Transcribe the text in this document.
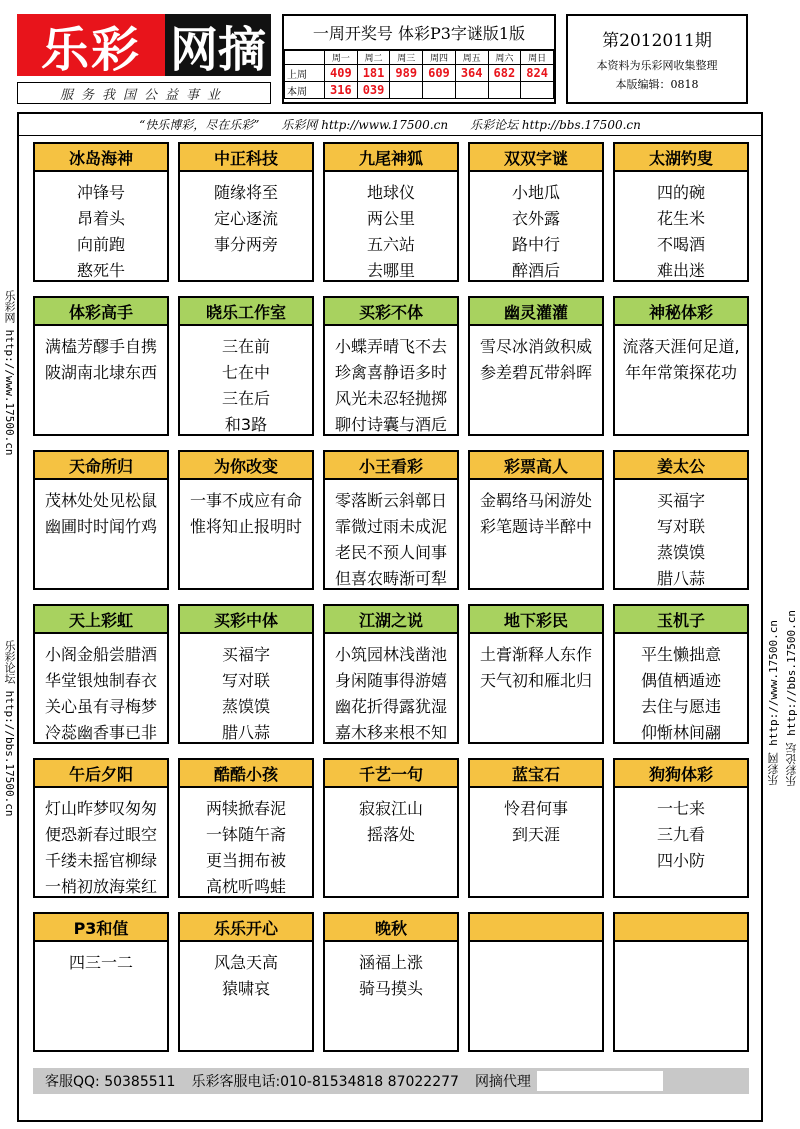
乐彩 网摘
服务我国公益事业
一周开奖号 体彩P3字谜版1版
	周一	周二	周三	周四	周五	周六	周日
上周	409	181	989	609	364	682	824
本周	316	039					
第2012011期
本资料为乐彩网收集整理
本版编辑：0818
“快乐博彩，尽在乐彩” 乐彩网 http://www.17500.cn 乐彩论坛 http://bbs.17500.cn
冰岛海神
冲锋号
昂着头
向前跑
憨死牛
中正科技
随缘将至
定心逐流
事分两旁
九尾神狐
地球仪
两公里
五六站
去哪里
双双字谜
小地瓜
衣外露
路中行
醉酒后
太湖钓叟
四的碗
花生米
不喝酒
难出迷
体彩高手
满榼芳醪手自携
陂湖南北埭东西
晓乐工作室
三在前
七在中
三在后
和3路
买彩不体
小蝶弄晴飞不去
珍禽喜静语多时
风光未忍轻抛掷
聊付诗囊与酒卮
幽灵灌灌
雪尽冰消敛积威
参差碧瓦带斜晖
神秘体彩
流落天涯何足道,
年年常策探花功
天命所归
茂林处处见松鼠
幽圃时时闻竹鸡
为你改变
一事不成应有命
惟将知止报明时
小王看彩
零落断云斜鄣日
霏微过雨未成泥
老民不预人间事
但喜农畴渐可犁
彩票高人
金羁络马闲游处
彩笔题诗半醉中
姜太公
买福字
写对联
蒸馍馍
腊八蒜
天上彩虹
小阁金船尝腊酒
华堂银烛制春衣
关心虽有寻梅梦
冷蕊幽香事已非
买彩中体
买福字
写对联
蒸馍馍
腊八蒜
江湖之说
小筑园林浅凿池
身闲随事得游嬉
幽花折得露犹湿
嘉木移来根不知
地下彩民
土膏渐释人东作
天气初和雁北归
玉机子
平生懒拙意
偶值栖遁迹
去住与愿违
仰惭林间翮
午后夕阳
灯山昨梦叹匆匆
便恐新春过眼空
千缕未摇官柳绿
一梢初放海棠红
酷酷小孩
两犊掀春泥
一钵随午斋
更当拥布被
高枕听鸣蛙
千艺一句
寂寂江山
摇落处
蓝宝石
怜君何事
到天涯
狗狗体彩
一七来
三九看
四小防
P3和值
四三一二
乐乐开心
风急天高
猿啸哀
晚秋
涵福上涨
骑马摸头
客服QQ: 50385511 乐彩客服电话:010-81534818 87022277 网摘代理
乐彩网 http://www.17500.cn
乐彩论坛 http://bbs.17500.cn	乐彩网 http://www.17500.cn 乐彩论坛 http://bbs.17500.cn
